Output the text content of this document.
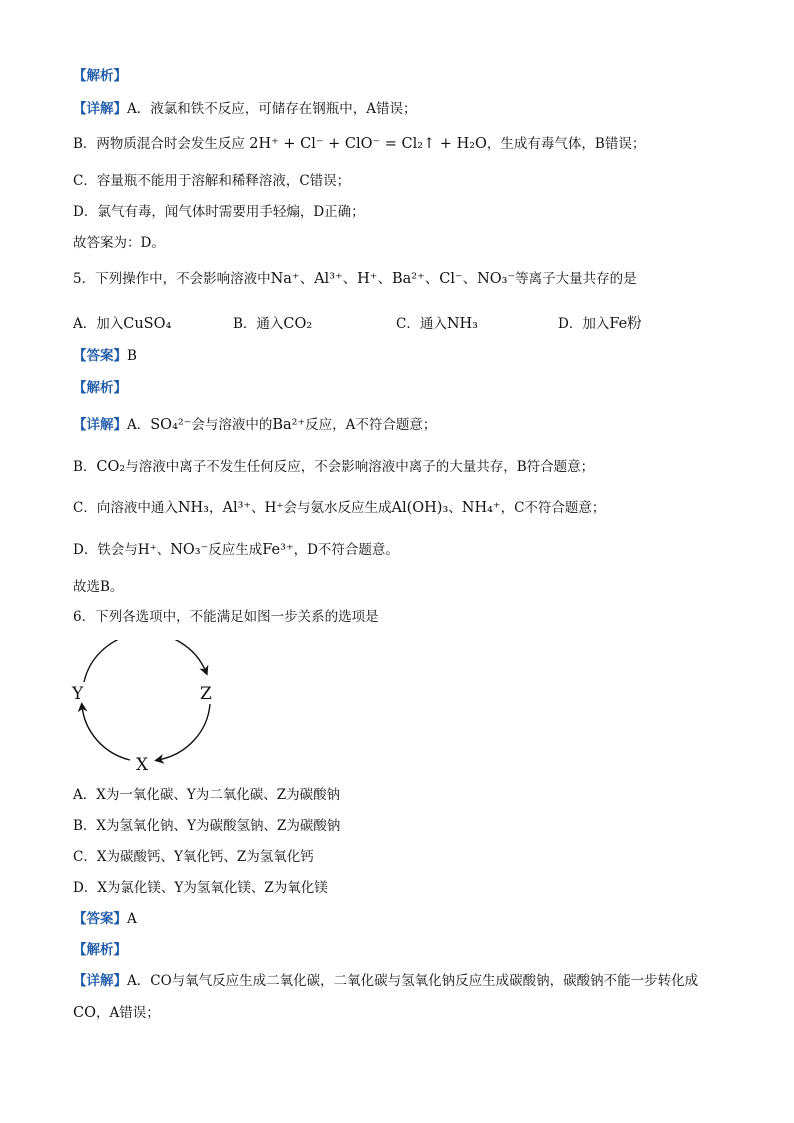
【解析】
【详解】A．液氯和铁不反应，可储存在钢瓶中，A错误；
B．两物质混合时会发生反应 2H⁺ + Cl⁻ + ClO⁻ = Cl₂↑ + H₂O，生成有毒气体，B错误；
C．容量瓶不能用于溶解和稀释溶液，C错误；
D．氯气有毒，闻气体时需要用手轻煽，D正确；
故答案为：D。
5．下列操作中，不会影响溶液中Na⁺、Al³⁺、H⁺、Ba²⁺、Cl⁻、NO₃⁻等离子大量共存的是
A．加入CuSO₄	B．通入CO₂	C．通入NH₃	D．加入Fe粉
【答案】B
【解析】
【详解】A．SO₄²⁻会与溶液中的Ba²⁺反应，A不符合题意；
B．CO₂与溶液中离子不发生任何反应，不会影响溶液中离子的大量共存，B符合题意；
C．向溶液中通入NH₃，Al³⁺、H⁺会与氨水反应生成Al(OH)₃、NH₄⁺，C不符合题意；
D．铁会与H⁺、NO₃⁻反应生成Fe³⁺，D不符合题意。
故选B。
6．下列各选项中，不能满足如图一步关系的选项是
Y	Z
X
A．X为一氧化碳、Y为二氧化碳、Z为碳酸钠
B．X为氢氧化钠、Y为碳酸氢钠、Z为碳酸钠
C．X为碳酸钙、Y氧化钙、Z为氢氧化钙
D．X为氯化镁、Y为氢氧化镁、Z为氧化镁
【答案】A
【解析】
【详解】A．CO与氧气反应生成二氧化碳，二氧化碳与氢氧化钠反应生成碳酸钠，碳酸钠不能一步转化成
CO，A错误；
